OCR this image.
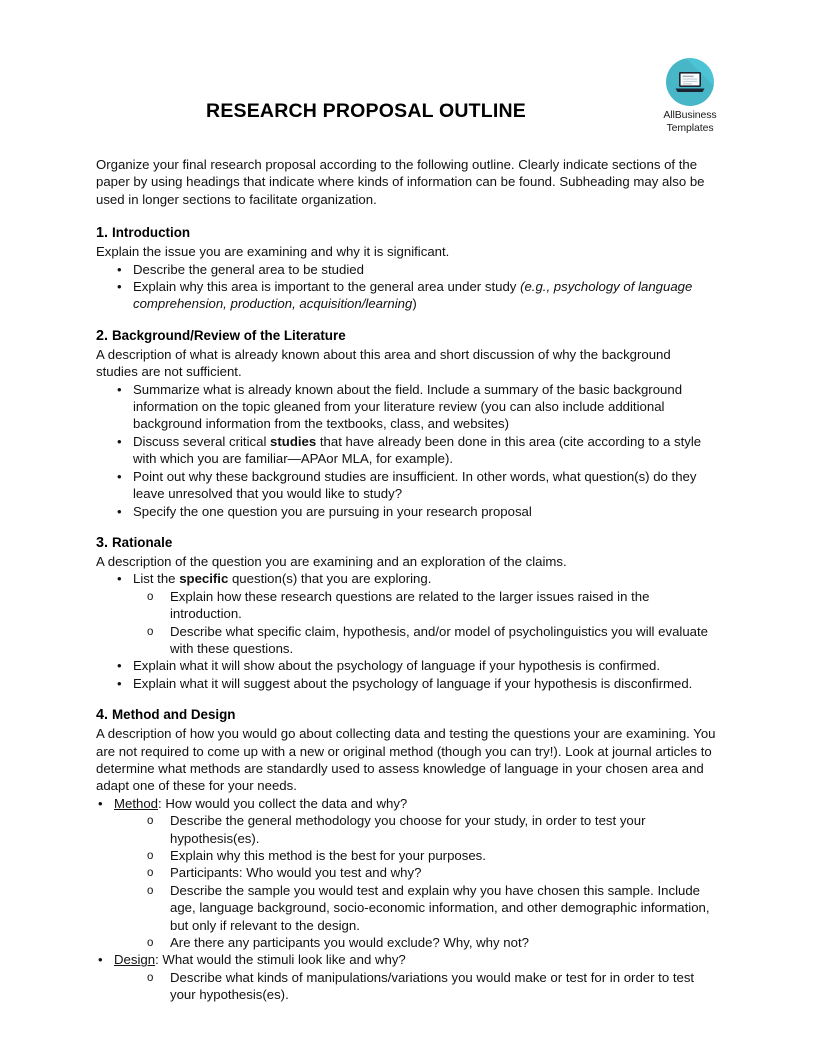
AllBusiness
Templates
RESEARCH PROPOSAL OUTLINE

Organize your final research proposal according to the following outline. Clearly indicate sections of the paper by using headings that indicate where kinds of information can be found. Subheading may also be used in longer sections to facilitate organization.

1. Introduction

Explain the issue you are examining and why it is significant.

• Describe the general area to be studied
• Explain why this area is important to the general area under study (e.g., psychology of language comprehension, production, acquisition/learning)
2. Background/Review of the Literature

A description of what is already known about this area and short discussion of why the background studies are not sufficient.

• Summarize what is already known about the field. Include a summary of the basic background information on the topic gleaned from your literature review (you can also include additional background information from the textbooks, class, and websites)
• Discuss several critical studies that have already been done in this area (cite according to a style with which you are familiar—APAor MLA, for example).
• Point out why these background studies are insufficient. In other words, what question(s) do they leave unresolved that you would like to study?
• Specify the one question you are pursuing in your research proposal
3. Rationale

A description of the question you are examining and an exploration of the claims.

• List the specific question(s) that you are exploring.
o Explain how these research questions are related to the larger issues raised in the introduction.
o Describe what specific claim, hypothesis, and/or model of psycholinguistics you will evaluate with these questions.
• Explain what it will show about the psychology of language if your hypothesis is confirmed.
• Explain what it will suggest about the psychology of language if your hypothesis is disconfirmed.
4. Method and Design

A description of how you would go about collecting data and testing the questions your are examining. You are not required to come up with a new or original method (though you can try!). Look at journal articles to determine what methods are standardly used to assess knowledge of language in your chosen area and adapt one of these for your needs.

• Method: How would you collect the data and why?
o Describe the general methodology you choose for your study, in order to test your hypothesis(es).
o Explain why this method is the best for your purposes.
o Participants: Who would you test and why?
o Describe the sample you would test and explain why you have chosen this sample. Include age, language background, socio-economic information, and other demographic information, but only if relevant to the design.
o Are there any participants you would exclude? Why, why not?
• Design: What would the stimuli look like and why?
o Describe what kinds of manipulations/variations you would make or test for in order to test your hypothesis(es).
